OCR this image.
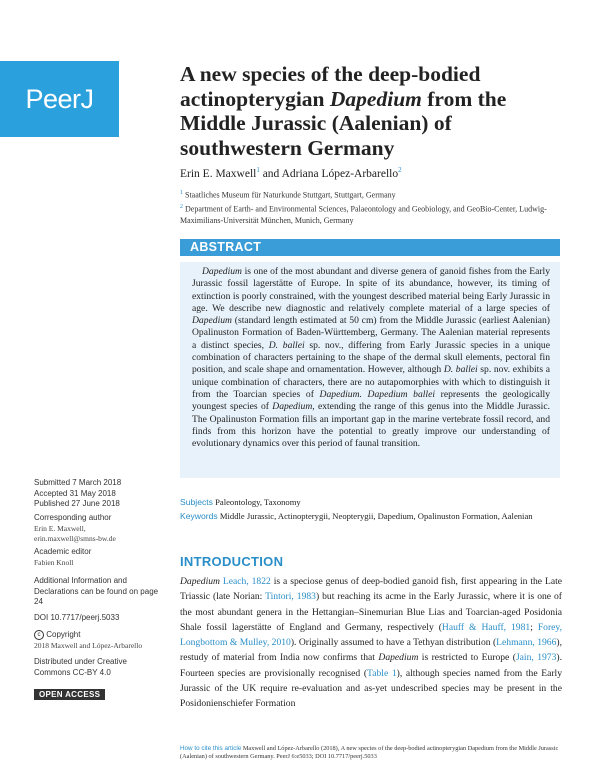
PeerJ
A new species of the deep-bodied actinopterygian Dapedium from the Middle Jurassic (Aalenian) of southwestern Germany
Erin E. Maxwell$^1$ and Adriana López-Arbarello$^2$
$^1$ Staatliches Museum für Naturkunde Stuttgart, Stuttgart, Germany
$^2$ Department of Earth- and Environmental Sciences, Palaeontology and Geobiology, and GeoBio-Center, Ludwig-Maximilians-Universität München, Munich, Germany
ABSTRACT
Dapedium is one of the most abundant and diverse genera of ganoid fishes from the Early Jurassic fossil lagerstätte of Europe. In spite of its abundance, however, its timing of extinction is poorly constrained, with the youngest described material being Early Jurassic in age. We describe new diagnostic and relatively complete material of a large species of Dapedium (standard length estimated at 50 cm) from the Middle Jurassic (earliest Aalenian) Opalinuston Formation of Baden-Württemberg, Germany. The Aalenian material represents a distinct species, D. ballei sp. nov., differing from Early Jurassic species in a unique combination of characters pertaining to the shape of the dermal skull elements, pectoral fin position, and scale shape and ornamentation. However, although D. ballei sp. nov. exhibits a unique combination of characters, there are no autapomorphies with which to distinguish it from the Toarcian species of Dapedium. Dapedium ballei represents the geologically youngest species of Dapedium, extending the range of this genus into the Middle Jurassic. The Opalinuston Formation fills an important gap in the marine vertebrate fossil record, and finds from this horizon have the potential to greatly improve our understanding of evolutionary dynamics over this period of faunal transition.
Submitted 7 March 2018
Accepted 31 May 2018
Published 27 June 2018
Corresponding author
Erin E. Maxwell,
erin.maxwell@smns-bw.de
Academic editor
Fabien Knoll
Additional Information and Declarations can be found on page 24
DOI 10.7717/peerj.5033
c Copyright
2018 Maxwell and López-Arbarello
Distributed under Creative Commons CC-BY 4.0
OPEN ACCESS
Subjects Paleontology, Taxonomy
Keywords Middle Jurassic, Actinopterygii, Neopterygii, Dapedium, Opalinuston Formation, Aalenian
INTRODUCTION
Dapedium Leach, 1822 is a speciose genus of deep-bodied ganoid fish, first appearing in the Late Triassic (late Norian: Tintori, 1983) but reaching its acme in the Early Jurassic, where it is one of the most abundant genera in the Hettangian–Sinemurian Blue Lias and Toarcian-aged Posidonia Shale fossil lagerstätte of England and Germany, respectively (Hauff & Hauff, 1981; Forey, Longbottom & Mulley, 2010). Originally assumed to have a Tethyan distribution (Lehmann, 1966), restudy of material from India now confirms that Dapedium is restricted to Europe (Jain, 1973). Fourteen species are provisionally recognised (Table 1), although species named from the Early Jurassic of the UK require re-evaluation and as-yet undescribed species may be present in the Posidonienschiefer Formation
How to cite this article Maxwell and López-Arbarello (2018), A new species of the deep-bodied actinopterygian Dapedium from the Middle Jurassic (Aalenian) of southwestern Germany. PeerJ 6:e5033; DOI 10.7717/peerj.5033
